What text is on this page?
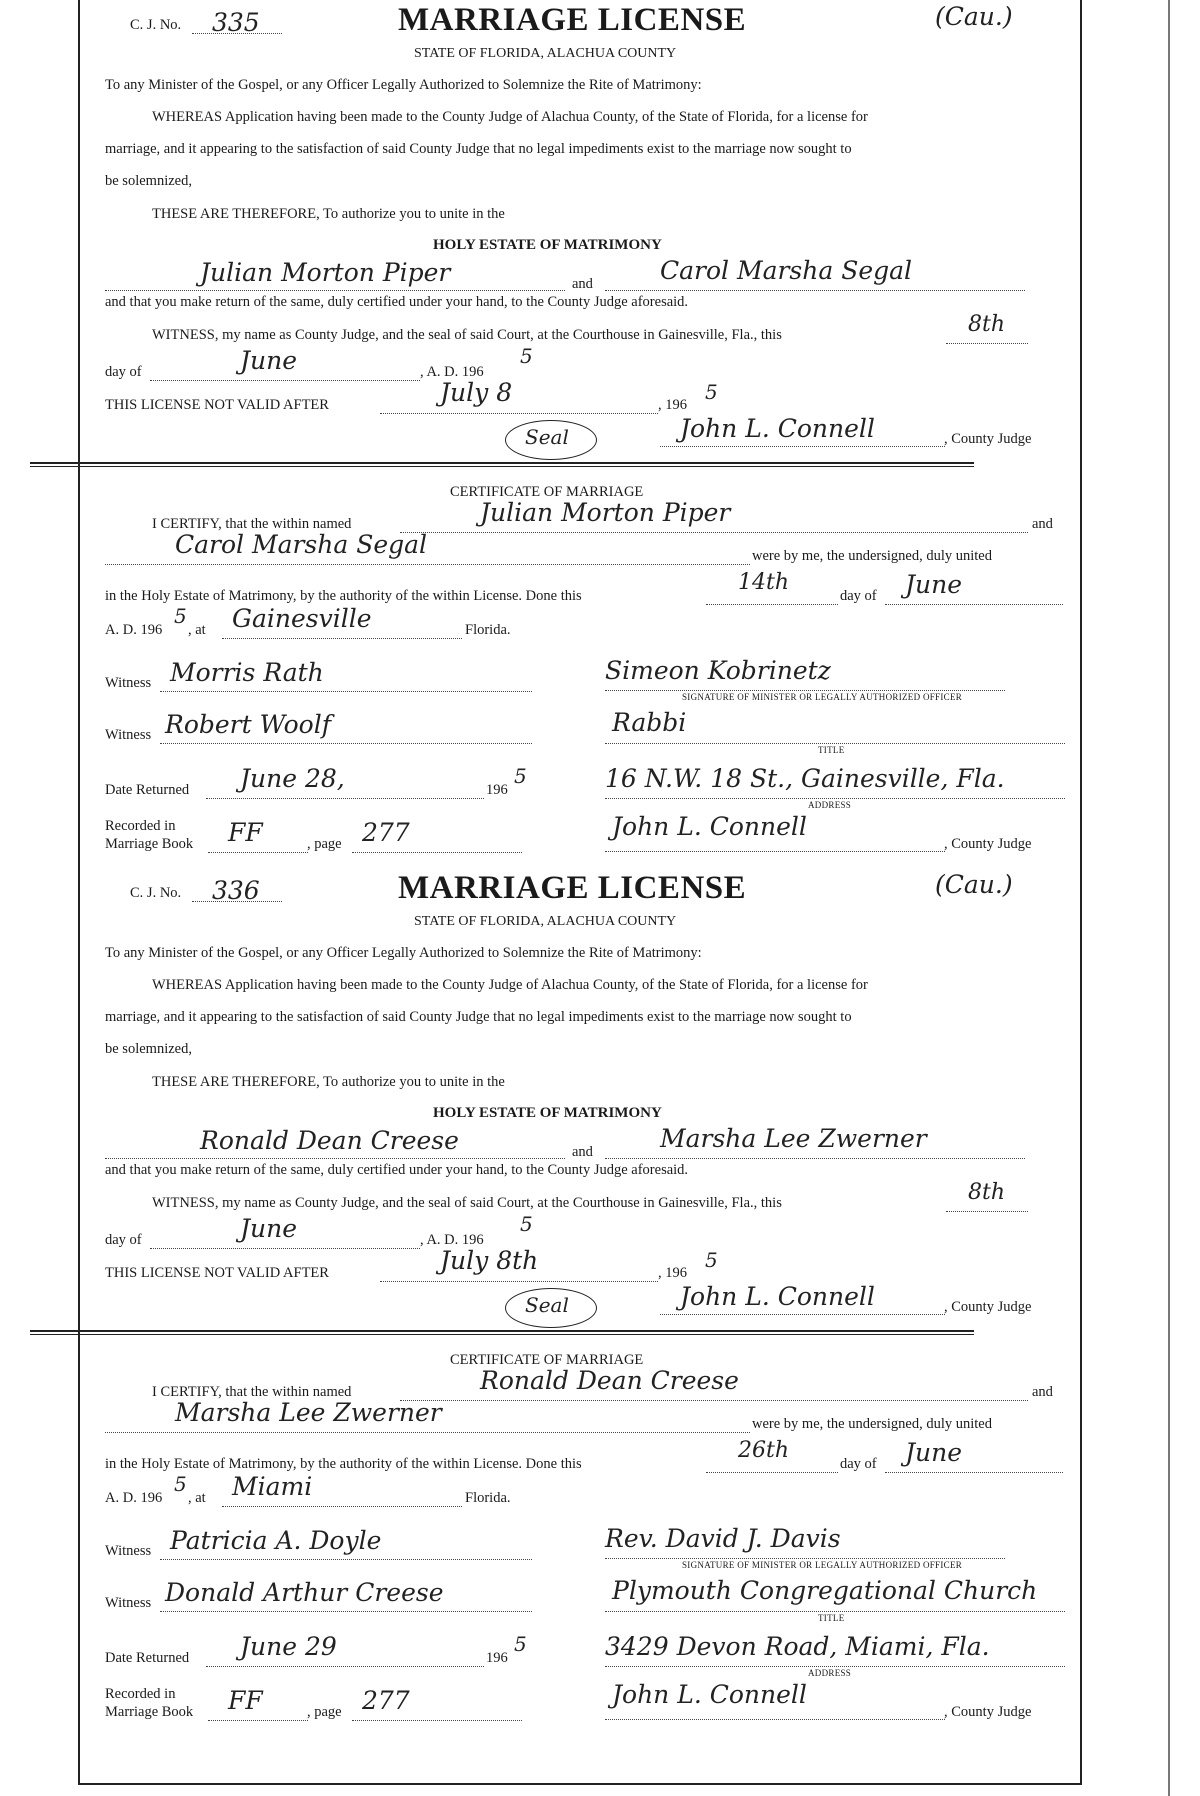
C. J. No. 335	MARRIAGE LICENSE	(Cau.)
STATE OF FLORIDA, ALACHUA COUNTY
To any Minister of the Gospel, or any Officer Legally Authorized to Solemnize the Rite of Matrimony:
WHEREAS Application having been made to the County Judge of Alachua County, of the State of Florida, for a license for
marriage, and it appearing to the satisfaction of said County Judge that no legal impediments exist to the marriage now sought to
be solemnized,
THESE ARE THEREFORE, To authorize you to unite in the
HOLY ESTATE OF MATRIMONY
Julian Morton Piper	and	Carol Marsha Segal
and that you make return of the same, duly certified under your hand, to the County Judge aforesaid.
WITNESS, my name as County Judge, and the seal of said Court, at the Courthouse in Gainesville, Fla., this	8th
day of	June	, A. D. 196
5
THIS LICENSE NOT VALID AFTER	July 8	, 196
5
Seal	John L. Connell	, County Judge
CERTIFICATE OF MARRIAGE
I CERTIFY, that the within named	Julian Morton Piper	and
Carol Marsha Segal	were by me, the undersigned, duly united
in the Holy Estate of Matrimony, by the authority of the within License. Done this
14th
day of June
A. D. 196
5
, at Gainesville	Florida.
Witness Morris Rath	Simeon Kobrinetz
SIGNATURE OF MINISTER OR LEGALLY AUTHORIZED OFFICER
Witness Robert Woolf	Rabbi
TITLE
Date Returned June 28,	196
5	16 N.W. 18 St., Gainesville, Fla.
ADDRESS
Recorded in
Marriage Book FF	, page 277	John L. Connell
, County Judge
C. J. No. 336	MARRIAGE LICENSE	(Cau.)
STATE OF FLORIDA, ALACHUA COUNTY
To any Minister of the Gospel, or any Officer Legally Authorized to Solemnize the Rite of Matrimony:
WHEREAS Application having been made to the County Judge of Alachua County, of the State of Florida, for a license for
marriage, and it appearing to the satisfaction of said County Judge that no legal impediments exist to the marriage now sought to
be solemnized,
THESE ARE THEREFORE, To authorize you to unite in the
HOLY ESTATE OF MATRIMONY
Ronald Dean Creese	and	Marsha Lee Zwerner
and that you make return of the same, duly certified under your hand, to the County Judge aforesaid.
WITNESS, my name as County Judge, and the seal of said Court, at the Courthouse in Gainesville, Fla., this	8th
day of	June	, A. D. 196
5
THIS LICENSE NOT VALID AFTER	July 8th	, 196
5
Seal	John L. Connell	, County Judge
CERTIFICATE OF MARRIAGE
I CERTIFY, that the within named	Ronald Dean Creese	and
Marsha Lee Zwerner	were by me, the undersigned, duly united
in the Holy Estate of Matrimony, by the authority of the within License. Done this
26th
day of June
A. D. 196
5
, at Miami	Florida.
Witness Patricia A. Doyle	Rev. David J. Davis
SIGNATURE OF MINISTER OR LEGALLY AUTHORIZED OFFICER
Witness Donald Arthur Creese	Plymouth Congregational Church
TITLE
Date Returned June 29	196
5	3429 Devon Road, Miami, Fla.
ADDRESS
Recorded in
Marriage Book FF	, page 277	John L. Connell
, County Judge
